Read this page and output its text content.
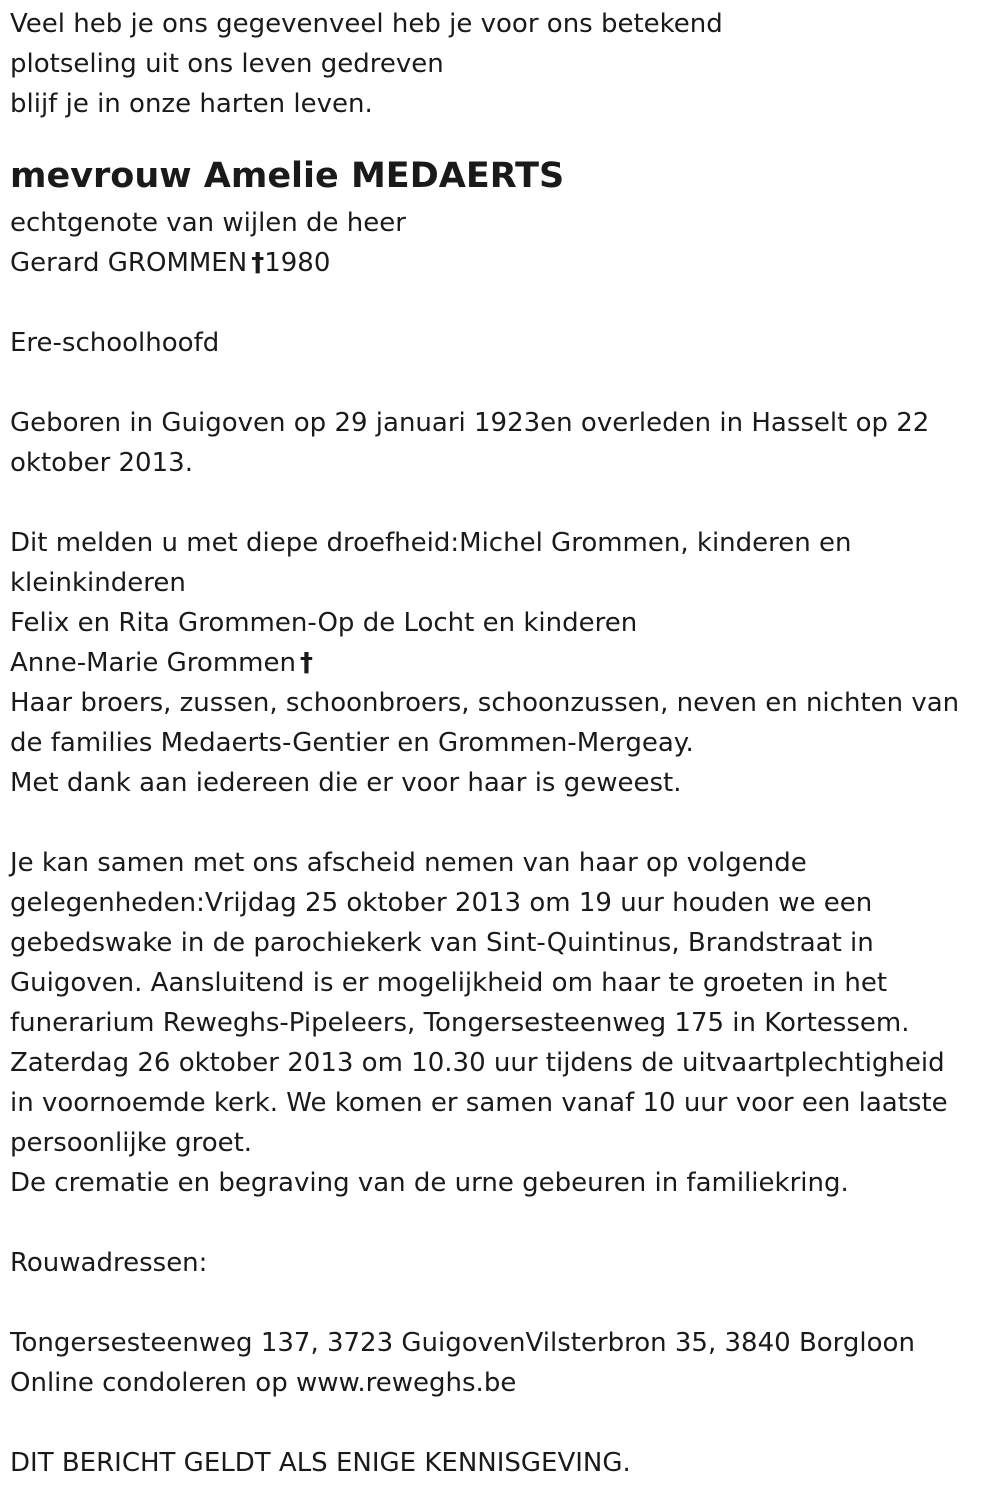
Veel heb je ons gegevenveel heb je voor ons betekend

plotseling uit ons leven gedreven

blijf je in onze harten leven.

mevrouw Amelie MEDAERTS

echtgenote van wijlen de heer

Gerard GROMMEN †1980

Ere-schoolhoofd

Geboren in Guigoven op 29 januari 1923en overleden in Hasselt op 22

oktober 2013.

Dit melden u met diepe droefheid:Michel Grommen, kinderen en

kleinkinderen

Felix en Rita Grommen-Op de Locht en kinderen

Anne-Marie Grommen †

Haar broers, zussen, schoonbroers, schoonzussen, neven en nichten van

de families Medaerts-Gentier en Grommen-Mergeay.

Met dank aan iedereen die er voor haar is geweest.

Je kan samen met ons afscheid nemen van haar op volgende

gelegenheden:Vrijdag 25 oktober 2013 om 19 uur houden we een

gebedswake in de parochiekerk van Sint-Quintinus, Brandstraat in

Guigoven. Aansluitend is er mogelijkheid om haar te groeten in het

funerarium Reweghs-Pipeleers, Tongersesteenweg 175 in Kortessem.

Zaterdag 26 oktober 2013 om 10.30 uur tijdens de uitvaartplechtigheid

in voornoemde kerk. We komen er samen vanaf 10 uur voor een laatste

persoonlijke groet.

De crematie en begraving van de urne gebeuren in familiekring.

Rouwadressen:

Tongersesteenweg 137, 3723 GuigovenVilsterbron 35, 3840 Borgloon

Online condoleren op www.reweghs.be

DIT BERICHT GELDT ALS ENIGE KENNISGEVING.
